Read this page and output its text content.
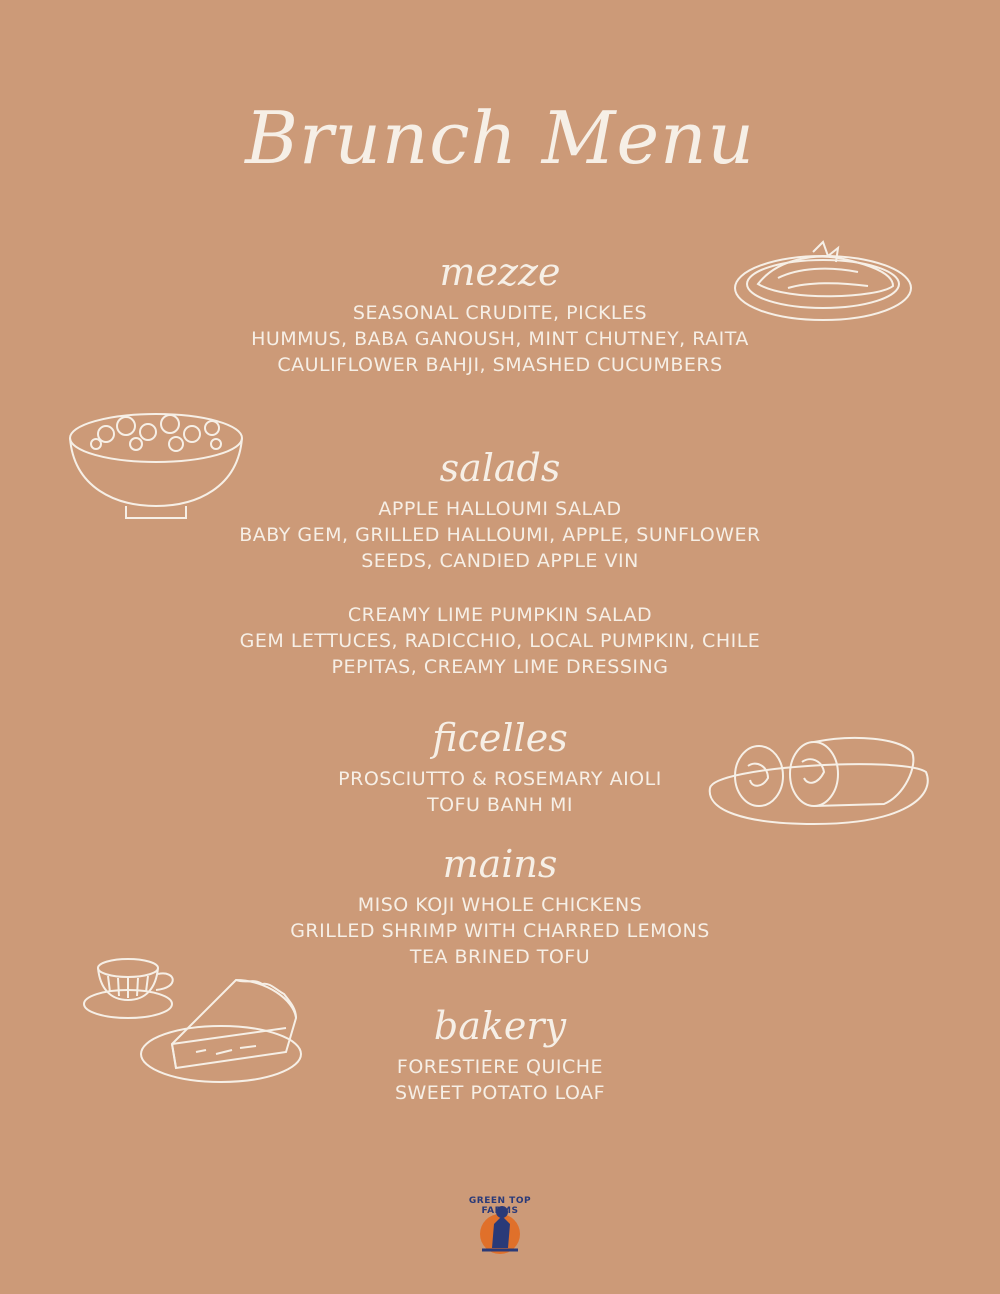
Brunch Menu
mezze
SEASONAL CRUDITE, PICKLES
HUMMUS, BABA GANOUSH, MINT CHUTNEY, RAITA
CAULIFLOWER BAHJI, SMASHED CUCUMBERS
salads
APPLE HALLOUMI SALAD
BABY GEM, GRILLED HALLOUMI, APPLE, SUNFLOWER
SEEDS, CANDIED APPLE VIN
CREAMY LIME PUMPKIN SALAD
GEM LETTUCES, RADICCHIO, LOCAL PUMPKIN, CHILE
PEPITAS, CREAMY LIME DRESSING
ficelles
PROSCIUTTO & ROSEMARY AIOLI
TOFU BANH MI
mains
MISO KOJI WHOLE CHICKENS
GRILLED SHRIMP WITH CHARRED LEMONS
TEA BRINED TOFU
bakery
FORESTIERE QUICHE
SWEET POTATO LOAF
GREEN TOP FARMS
